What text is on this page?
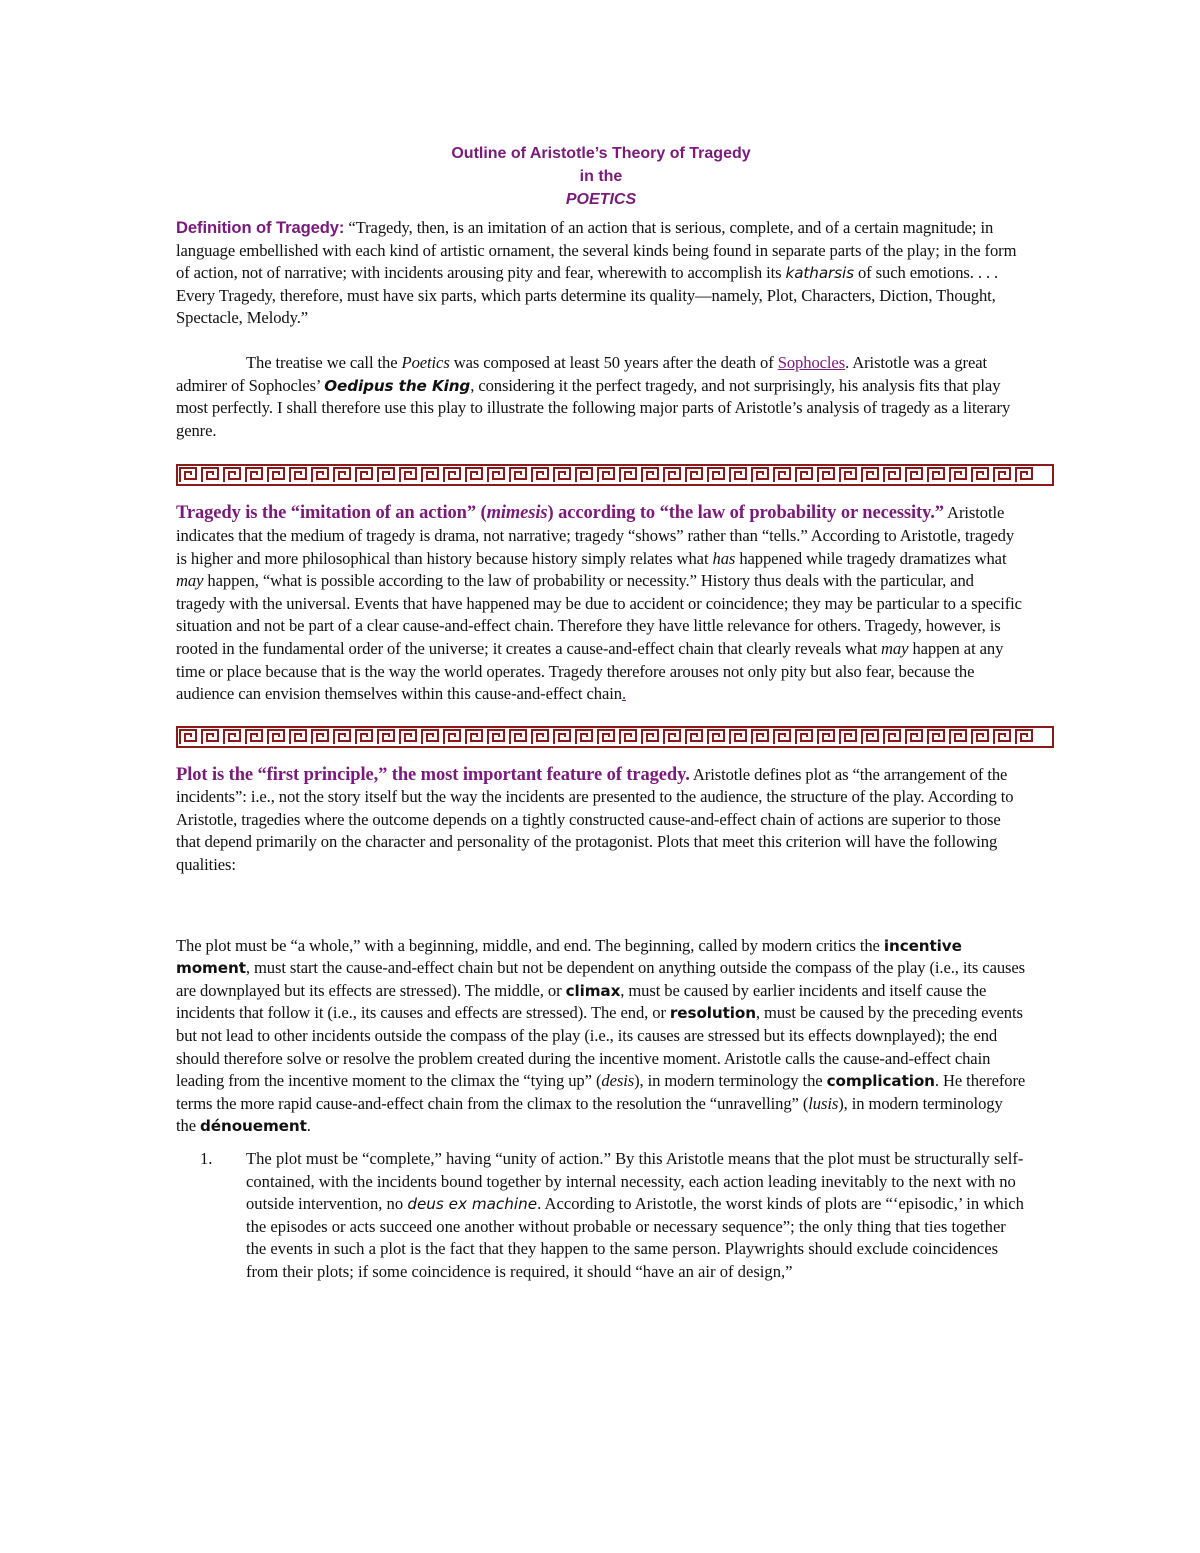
Outline of Aristotle’s Theory of Tragedy
in the
POETICS

Definition of Tragedy: “Tragedy, then, is an imitation of an action that is serious, complete, and of a certain magnitude; in language embellished with each kind of artistic ornament, the several kinds being found in separate parts of the play; in the form of action, not of narrative; with incidents arousing pity and fear, wherewith to accomplish its katharsis of such emotions. . . . Every Tragedy, therefore, must have six parts, which parts determine its quality—namely, Plot, Characters, Diction, Thought, Spectacle, Melody.”

The treatise we call the Poetics was composed at least 50 years after the death of Sophocles. Aristotle was a great admirer of Sophocles’ Oedipus the King, considering it the perfect tragedy, and not surprisingly, his analysis fits that play most perfectly. I shall therefore use this play to illustrate the following major parts of Aristotle’s analysis of tragedy as a literary genre.

Tragedy is the “imitation of an action” (mimesis) according to “the law of probability or necessity.” Aristotle indicates that the medium of tragedy is drama, not narrative; tragedy “shows” rather than “tells.” According to Aristotle, tragedy is higher and more philosophical than history because history simply relates what has happened while tragedy dramatizes what may happen, “what is possible according to the law of probability or necessity.” History thus deals with the particular, and tragedy with the universal. Events that have happened may be due to accident or coincidence; they may be particular to a specific situation and not be part of a clear cause-and-effect chain. Therefore they have little relevance for others. Tragedy, however, is rooted in the fundamental order of the universe; it creates a cause-and-effect chain that clearly reveals what may happen at any time or place because that is the way the world operates. Tragedy therefore arouses not only pity but also fear, because the audience can envision themselves within this cause-and-effect chain.

Plot is the “first principle,” the most important feature of tragedy. Aristotle defines plot as “the arrangement of the incidents”: i.e., not the story itself but the way the incidents are presented to the audience, the structure of the play. According to Aristotle, tragedies where the outcome depends on a tightly constructed cause-and-effect chain of actions are superior to those that depend primarily on the character and personality of the protagonist. Plots that meet this criterion will have the following qualities:

The plot must be “a whole,” with a beginning, middle, and end. The beginning, called by modern critics the incentive moment, must start the cause-and-effect chain but not be dependent on anything outside the compass of the play (i.e., its causes are downplayed but its effects are stressed). The middle, or climax, must be caused by earlier incidents and itself cause the incidents that follow it (i.e., its causes and effects are stressed). The end, or resolution, must be caused by the preceding events but not lead to other incidents outside the compass of the play (i.e., its causes are stressed but its effects downplayed); the end should therefore solve or resolve the problem created during the incentive moment. Aristotle calls the cause-and-effect chain leading from the incentive moment to the climax the “tying up” (desis), in modern terminology the complication. He therefore terms the more rapid cause-and-effect chain from the climax to the resolution the “unravelling” (lusis), in modern terminology the dénouement.

1. The plot must be “complete,” having “unity of action.” By this Aristotle means that the plot must be structurally self-contained, with the incidents bound together by internal necessity, each action leading inevitably to the next with no outside intervention, no deus ex machine. According to Aristotle, the worst kinds of plots are “‘episodic,’ in which the episodes or acts succeed one another without probable or necessary sequence”; the only thing that ties together the events in such a plot is the fact that they happen to the same person. Playwrights should exclude coincidences from their plots; if some coincidence is required, it should “have an air of design,”
